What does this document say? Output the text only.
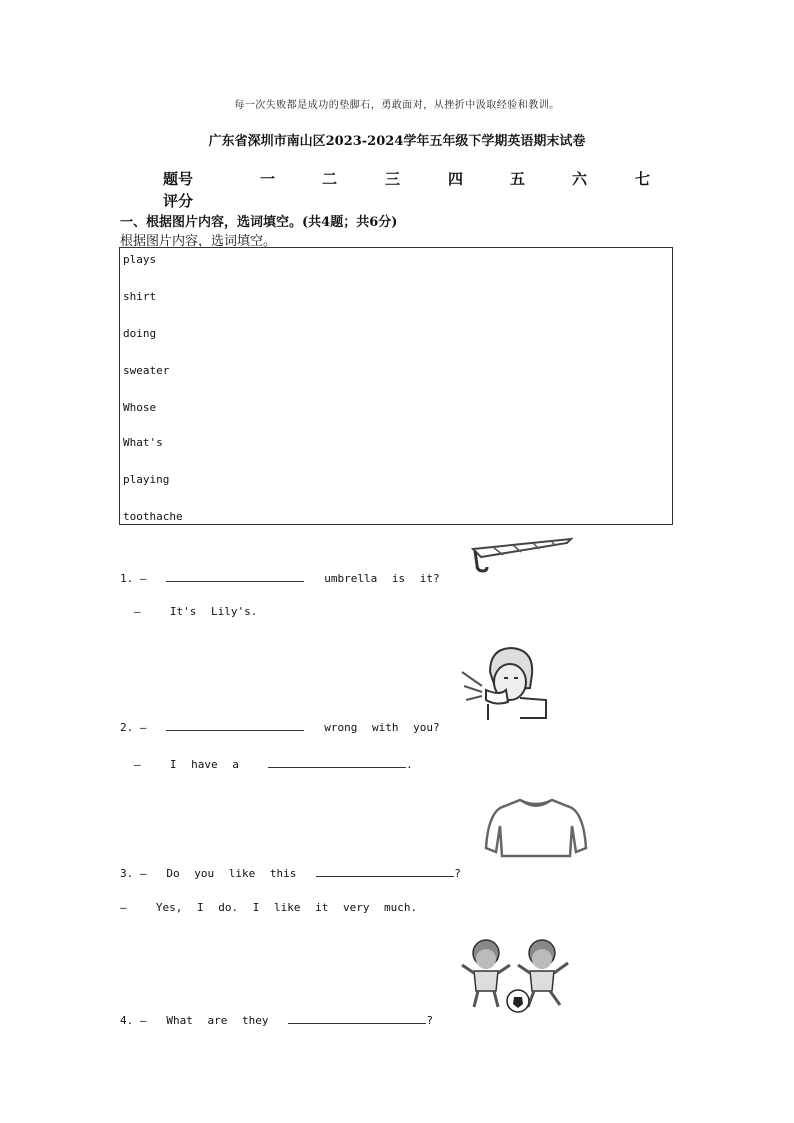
每一次失败都是成功的垫脚石，勇敢面对，从挫折中汲取经验和教训。
广东省深圳市南山区2023-2024学年五年级下学期英语期末试卷
题号	一	二	三	四	五	六	七
评分
一、根据图片内容，选词填空。(共4题；共6分)
根据图片内容，选词填空。
plays
shirt
doing
sweater
Whose
What's
playing
toothache
1. —	umbrella is it?
—	It's Lily's.
2. —	wrong with you?
—	I have a	.
3. — Do you like this	?
—	Yes, I do. I like it very much.
4. — What are they	?
